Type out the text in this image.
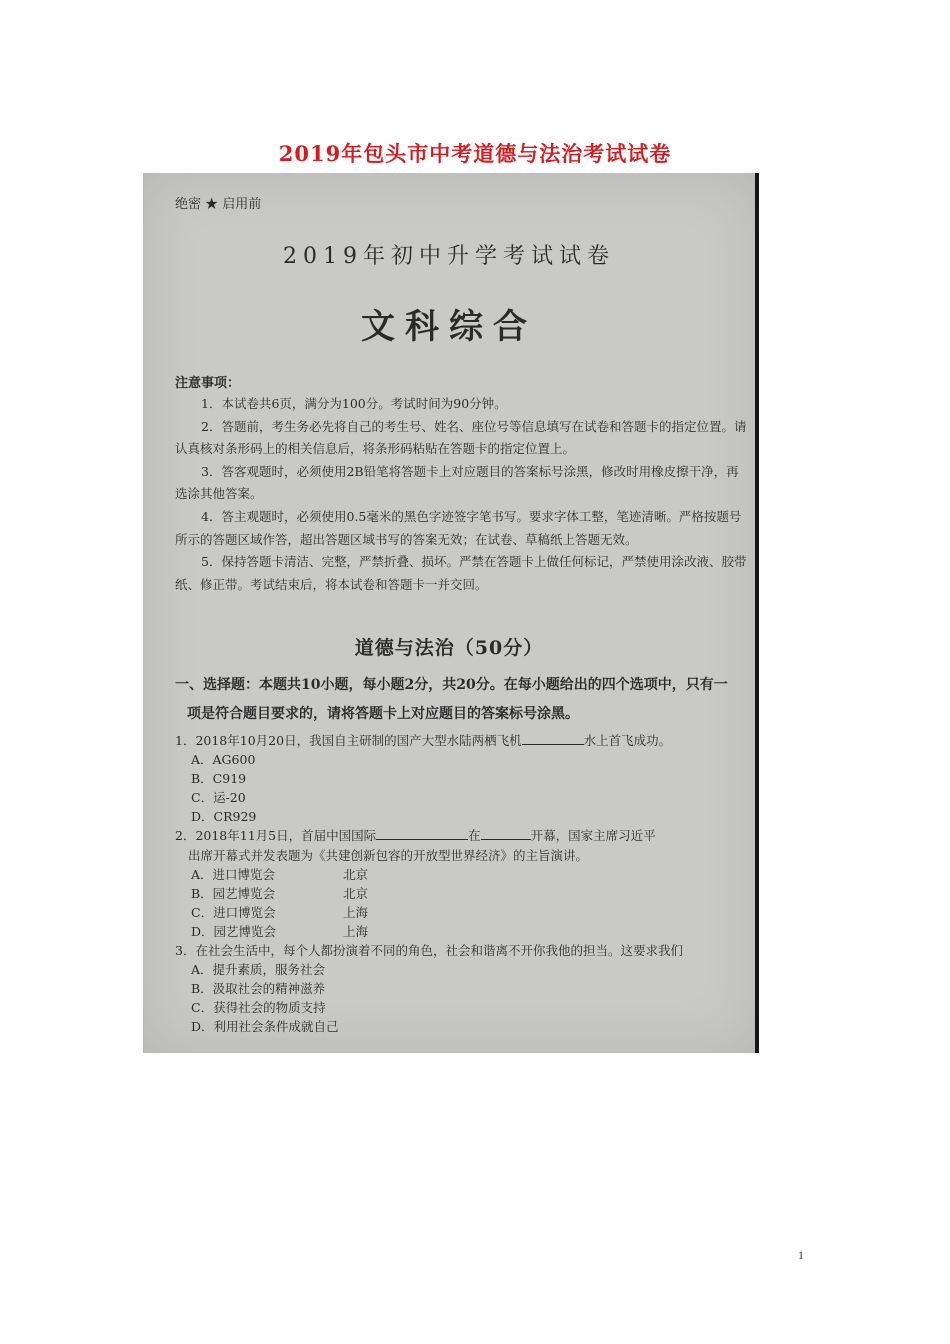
2019年包头市中考道德与法治考试试卷
绝密 ★ 启用前
2019年初中升学考试试卷
文科综合
注意事项：

1．本试卷共6页，满分为100分。考试时间为90分钟。

2．答题前，考生务必先将自己的考生号、姓名、座位号等信息填写在试卷和答题卡的指定位置。请认真核对条形码上的相关信息后，将条形码粘贴在答题卡的指定位置上。

3．答客观题时，必须使用2B铅笔将答题卡上对应题目的答案标号涂黑，修改时用橡皮擦干净，再选涂其他答案。

4．答主观题时，必须使用0.5毫米的黑色字迹签字笔书写。要求字体工整，笔迹清晰。严格按题号所示的答题区域作答，超出答题区域书写的答案无效；在试卷、草稿纸上答题无效。

5．保持答题卡清洁、完整，严禁折叠、损坏。严禁在答题卡上做任何标记，严禁使用涂改液、胶带纸、修正带。考试结束后，将本试卷和答题卡一并交回。

道德与法治（50分）

一、选择题：本题共10小题，每小题2分，共20分。在每小题给出的四个选项中，只有一

项是符合题目要求的，请将答题卡上对应题目的答案标号涂黑。

1．2018年10月20日，我国自主研制的国产大型水陆两栖飞机	水上首飞成功。

A．AG600

B．C919

C．运-20

D．CR929

2．2018年11月5日，首届中国国际	在	开幕，国家主席习近平

出席开幕式并发表题为《共建创新包容的开放型世界经济》的主旨演讲。

A．进口博览会	北京

B．园艺博览会	北京

C．进口博览会	上海

D．园艺博览会	上海

3．在社会生活中，每个人都扮演着不同的角色，社会和谐离不开你我他的担当。这要求我们

A．提升素质，服务社会

B．汲取社会的精神滋养

C．获得社会的物质支持

D．利用社会条件成就自己

1
